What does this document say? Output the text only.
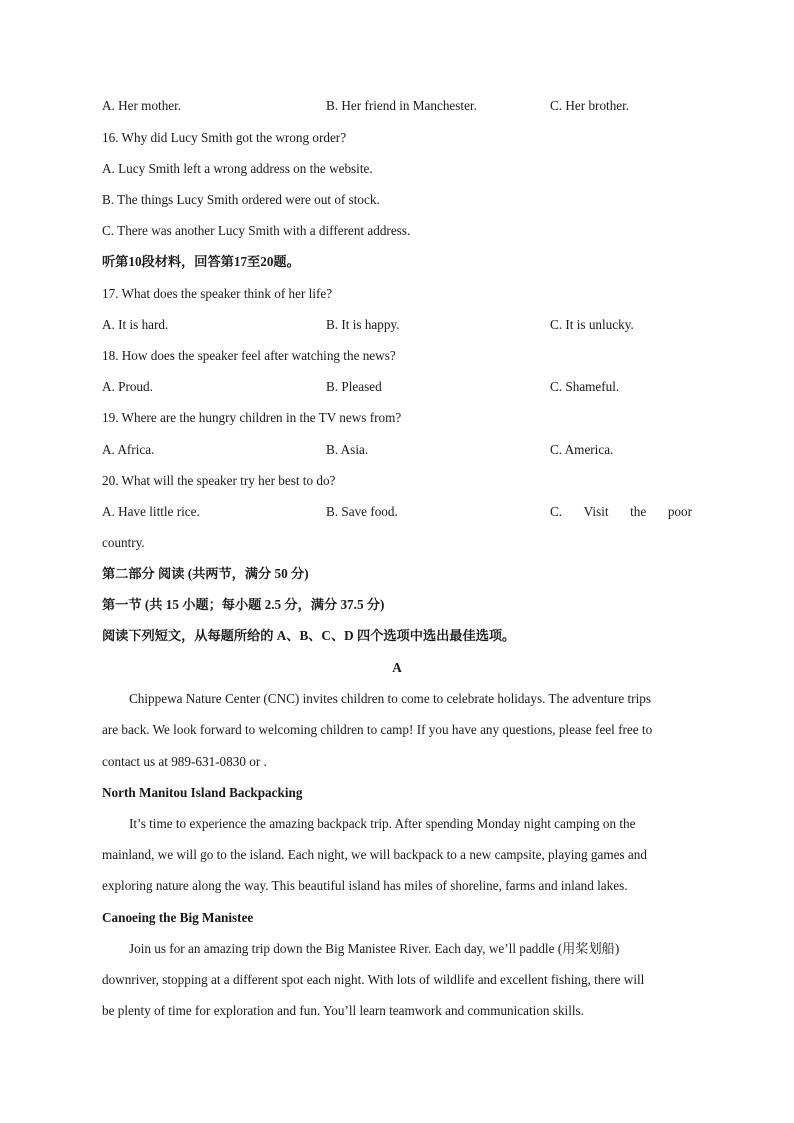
A. Her mother.	B. Her friend in Manchester.	C. Her brother.
16. Why did Lucy Smith got the wrong order?
A. Lucy Smith left a wrong address on the website.
B. The things Lucy Smith ordered were out of stock.
C. There was another Lucy Smith with a different address.
听第10段材料，回答第17至20题。
17. What does the speaker think of her life?
A. It is hard.	B. It is happy.	C. It is unlucky.
18. How does the speaker feel after watching the news?
A. Proud.	B. Pleased	C. Shameful.
19. Where are the hungry children in the TV news from?
A. Africa.	B. Asia.	C. America.
20. What will the speaker try her best to do?
A. Have little rice.	B. Save food.	C. Visit the poor
country.
第二部分 阅读 (共两节，满分 50 分)
第一节 (共 15 小题；每小题 2.5 分，满分 37.5 分)
阅读下列短文，从每题所给的 A、B、C、D 四个选项中选出最佳选项。
A
Chippewa Nature Center (CNC) invites children to come to celebrate holidays. The adventure trips
are back. We look forward to welcoming children to camp! If you have any questions, please feel free to
contact us at 989-631-0830 or .
North Manitou Island Backpacking
It’s time to experience the amazing backpack trip. After spending Monday night camping on the
mainland, we will go to the island. Each night, we will backpack to a new campsite, playing games and
exploring nature along the way. This beautiful island has miles of shoreline, farms and inland lakes.
Canoeing the Big Manistee
Join us for an amazing trip down the Big Manistee River. Each day, we’ll paddle (用桨划船)
downriver, stopping at a different spot each night. With lots of wildlife and excellent fishing, there will
be plenty of time for exploration and fun. You’ll learn teamwork and communication skills.
